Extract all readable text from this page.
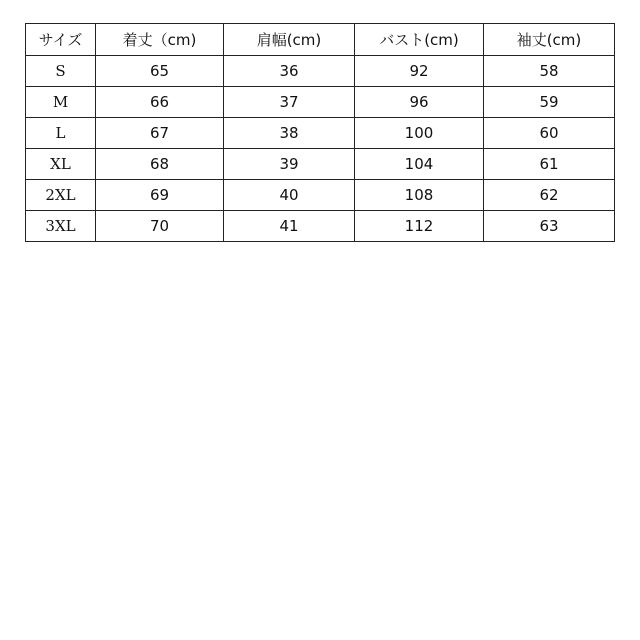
サイズ	着丈（cm)	肩幅(cm)	バスト(cm)	袖丈(cm)
S	65	36	92	58
M	66	37	96	59
L	67	38	100	60
XL	68	39	104	61
2XL	69	40	108	62
3XL	70	41	112	63
